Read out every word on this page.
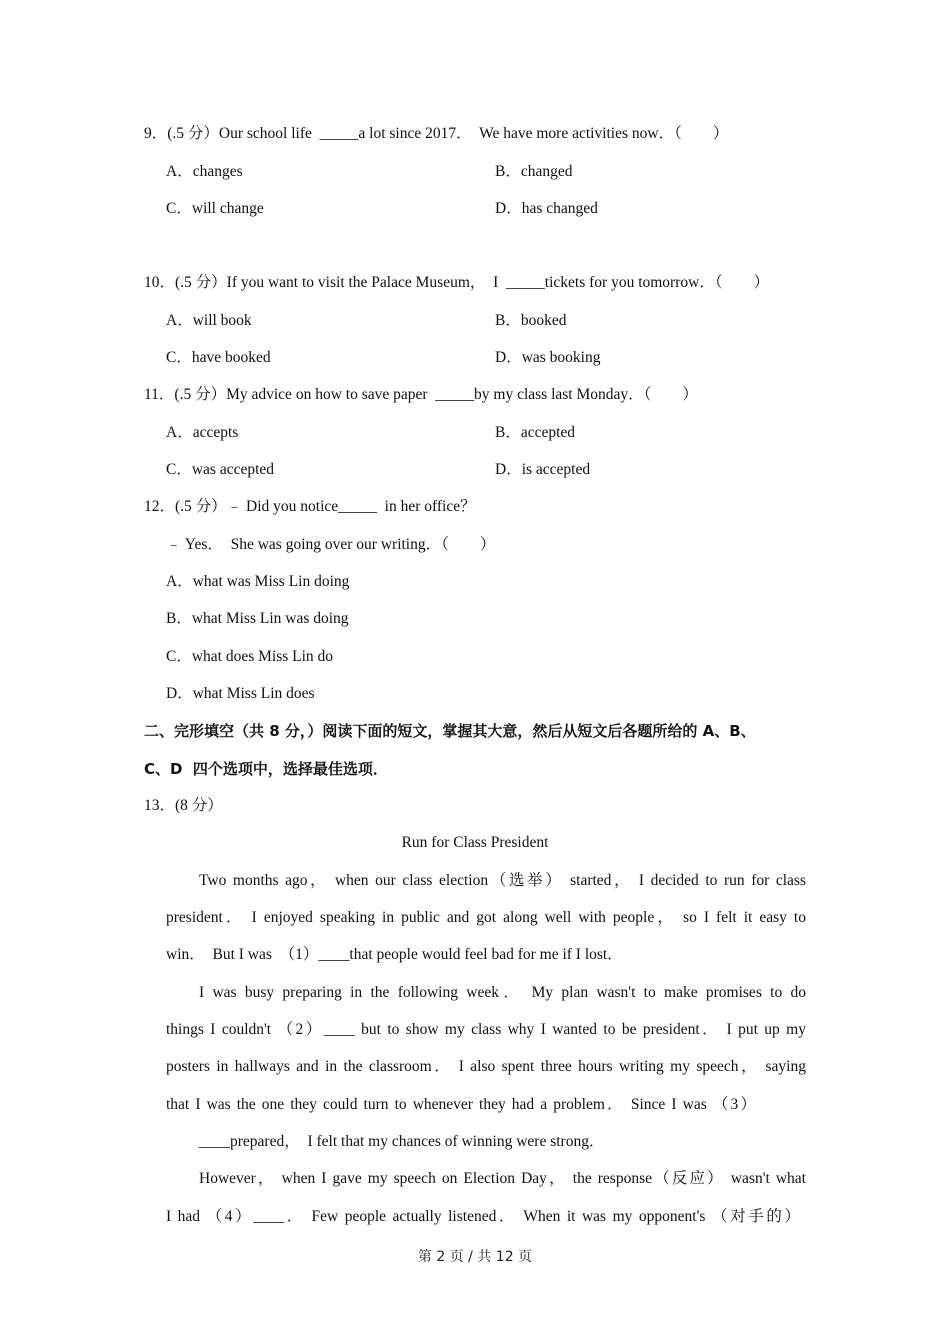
9．(.5 分）Our school life  _____a lot since 2017．  We have more activities now．（        ）
A．changes	B．changed
C．will change	D．has changed
10．(.5 分）If you want to visit the Palace Museum，  I  _____tickets for you tomorrow．（        ）
A．will book	B．booked
C．have booked	D．was booking
11．(.5 分）My advice on how to save paper  _____by my class last Monday．（        ）
A．accepts	B．accepted
C．was accepted	D．is accepted
12．(.5 分）﹣ Did you notice_____  in her office？
﹣ Yes．  She was going over our writing．（        ）
A．what was Miss Lin doing
B．what Miss Lin was doing
C．what does Miss Lin do
D．what Miss Lin does
二、完形填空（共 8 分，）阅读下面的短文，掌握其大意，然后从短文后各题所给的 A、B、
C、D  四个选项中，选择最佳选项．
13．(8 分）
Run for Class President
Two months ago， when our class election（选举） started， I decided to run for class
president． I enjoyed speaking in public and got along well with people， so I felt it easy to
win．  But I was  （1）____that people would feel bad for me if I lost．
I was busy preparing in the following week． My plan wasn't to make promises to do
things I couldn't （2）____ but to show my class why I wanted to be president． I put up my
posters in hallways and in the classroom． I also spent three hours writing my speech， saying
that I was the one they could turn to whenever they had a problem． Since I was （3）
____prepared，  I felt that my chances of winning were strong．
However， when I gave my speech on Election Day， the response（反应） wasn't what
I had （4）____． Few people actually listened． When it was my opponent's （对手的）
第 2 页 / 共 12 页
